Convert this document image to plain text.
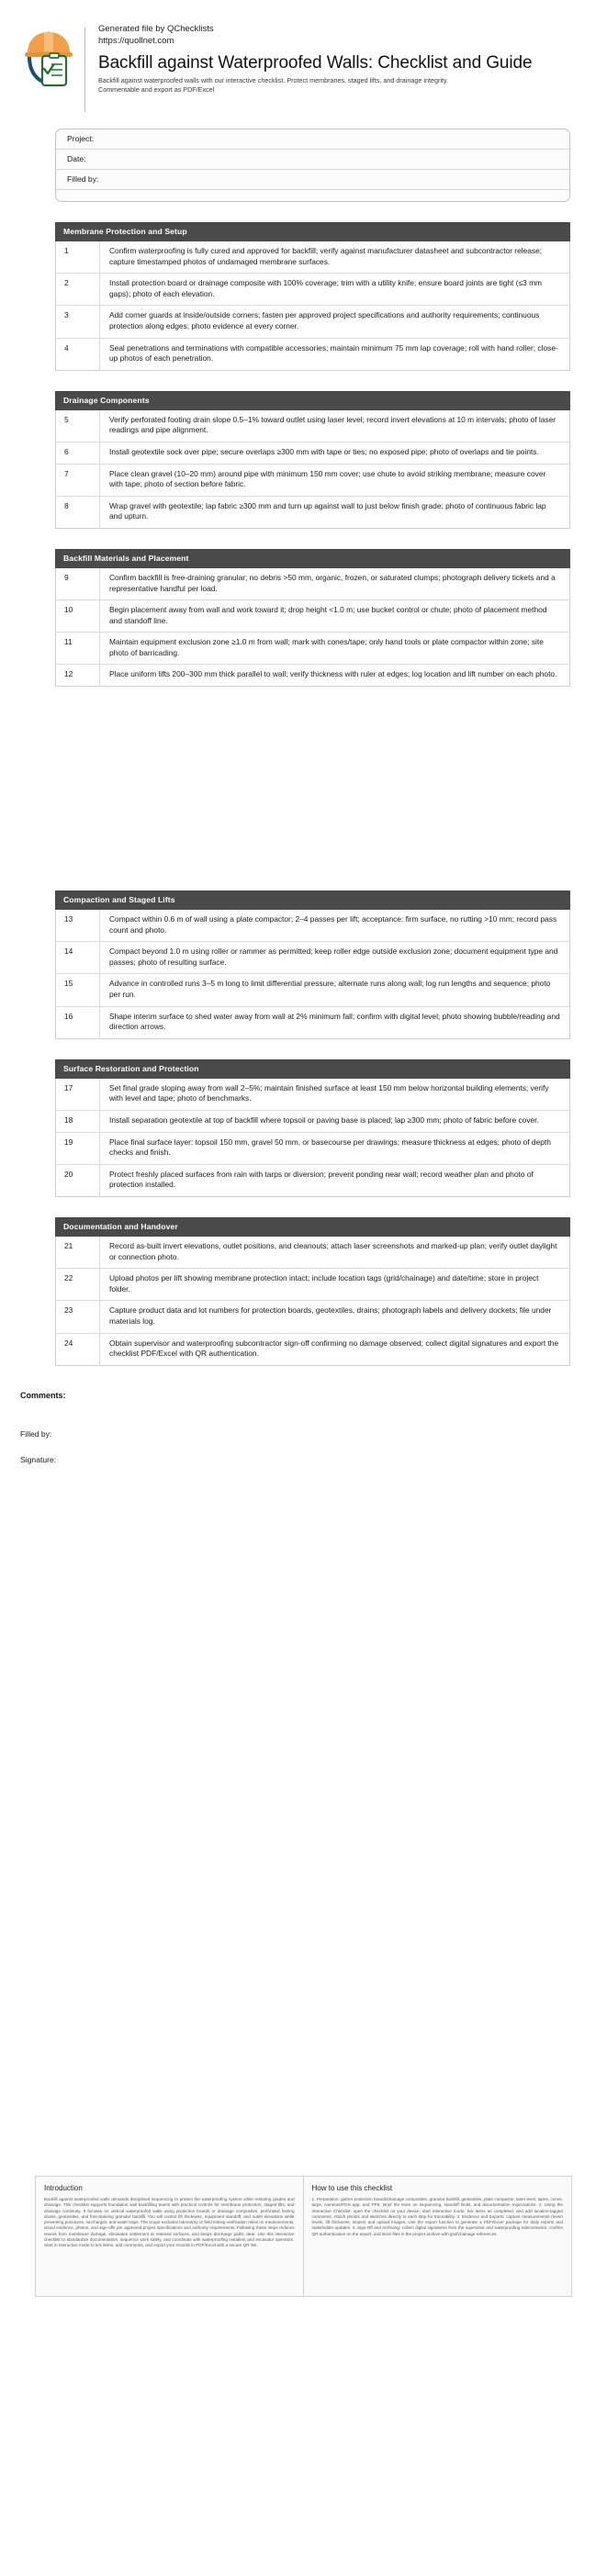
Generated file by QChecklists
https://quollnet.com
Backfill against Waterproofed Walls: Checklist and Guide
Backfill against waterproofed walls with our interactive checklist. Protect membranes, staged lifts, and drainage integrity.
Commentable and export as PDF/Excel
Project:
Date:
Filled by:
Membrane Protection and Setup
1	Confirm waterproofing is fully cured and approved for backfill; verify against manufacturer datasheet and subcontractor release; capture timestamped photos of undamaged membrane surfaces.
2	Install protection board or drainage composite with 100% coverage; trim with a utility knife; ensure board joints are tight (≤3 mm gaps); photo of each elevation.
3	Add corner guards at inside/outside corners; fasten per approved project specifications and authority requirements; continuous protection along edges; photo evidence at every corner.
4	Seal penetrations and terminations with compatible accessories; maintain minimum 75 mm lap coverage; roll with hand roller; close-up photos of each penetration.
Drainage Components
5	Verify perforated footing drain slope 0.5–1% toward outlet using laser level; record invert elevations at 10 m intervals; photo of laser readings and pipe alignment.
6	Install geotextile sock over pipe; secure overlaps ≥300 mm with tape or ties; no exposed pipe; photo of overlaps and tie points.
7	Place clean gravel (10–20 mm) around pipe with minimum 150 mm cover; use chute to avoid striking membrane; measure cover with tape; photo of section before fabric.
8	Wrap gravel with geotextile; lap fabric ≥300 mm and turn up against wall to just below finish grade; photo of continuous fabric lap and upturn.
Backfill Materials and Placement
9	Confirm backfill is free-draining granular; no debris >50 mm, organic, frozen, or saturated clumps; photograph delivery tickets and a representative handful per load.
10	Begin placement away from wall and work toward it; drop height <1.0 m; use bucket control or chute; photo of placement method and standoff line.
11	Maintain equipment exclusion zone ≥1.0 m from wall; mark with cones/tape; only hand tools or plate compactor within zone; site photo of barricading.
12	Place uniform lifts 200–300 mm thick parallel to wall; verify thickness with ruler at edges; log location and lift number on each photo.
Compaction and Staged Lifts
13	Compact within 0.6 m of wall using a plate compactor; 2–4 passes per lift; acceptance: firm surface, no rutting >10 mm; record pass count and photo.
14	Compact beyond 1.0 m using roller or rammer as permitted; keep roller edge outside exclusion zone; document equipment type and passes; photo of resulting surface.
15	Advance in controlled runs 3–5 m long to limit differential pressure; alternate runs along wall; log run lengths and sequence; photo per run.
16	Shape interim surface to shed water away from wall at 2% minimum fall; confirm with digital level; photo showing bubble/reading and direction arrows.
Surface Restoration and Protection
17	Set final grade sloping away from wall 2–5%; maintain finished surface at least 150 mm below horizontal building elements; verify with level and tape; photo of benchmarks.
18	Install separation geotextile at top of backfill where topsoil or paving base is placed; lap ≥300 mm; photo of fabric before cover.
19	Place final surface layer: topsoil 150 mm, gravel 50 mm, or basecourse per drawings; measure thickness at edges; photo of depth checks and finish.
20	Protect freshly placed surfaces from rain with tarps or diversion; prevent ponding near wall; record weather plan and photo of protection installed.
Documentation and Handover
21	Record as-built invert elevations, outlet positions, and cleanouts; attach laser screenshots and marked-up plan; verify outlet daylight or connection photo.
22	Upload photos per lift showing membrane protection intact; include location tags (grid/chainage) and date/time; store in project folder.
23	Capture product data and lot numbers for protection boards, geotextiles, drains; photograph labels and delivery dockets; file under materials log.
24	Obtain supervisor and waterproofing subcontractor sign-off confirming no damage observed; collect digital signatures and export the checklist PDF/Excel with QR authentication.
Comments:
Filled by:
Signature:
Introduction
Backfill against waterproofed walls demands disciplined sequencing to protect the waterproofing system while restoring grades and drainage. This checklist supports foundation wall backfilling teams with practical controls for membrane protection, staged lifts, and drainage continuity. It focuses on vertical waterproofed walls using protection boards or drainage composites, perforated footing drains, geotextiles, and free-draining granular backfill. You will control lift thickness, equipment standoff, and outlet elevations while preventing punctures, surcharges, and water traps. The scope excludes laboratory or field testing verification relies on measurements, visual evidence, photos, and sign-offs per approved project specifications and authority requirements. Following these steps reduces rework from membrane damage, eliminates settlement at restored surfaces, and keeps discharge paths clear. Use this interactive checklist to standardize documentation, sequence work safely, and coordinate with waterproofing installers and excavator operators. Start in interactive mode to tick items, add comments, and export your records to PDF/Excel with a secure QR link.
How to use this checklist
1. Preparation: gather protection boards/drainage composites, granular backfill, geotextiles, plate compactor, laser level, tapes, cones, tarps, cameras/POS app, and PPE. Brief the team on sequencing, standoff limits, and documentation expectations. 2. Using the Interactive Checklist: open the checklist on your device, start interactive mode, tick items as completed, and add location-tagged comments. Attach photos and sketches directly to each step for traceability. 3. Evidence and Exports: capture measurements (invert levels, lift thickness, slopes) and upload images. Use the export function to generate a PDF/Excel package for daily reports and stakeholder updates. 4. Sign-Off and Archiving: collect digital signatures from the supervisor and waterproofing subcontractor, confirm QR authentication on the export, and store files in the project archive with grid/chainage references.
